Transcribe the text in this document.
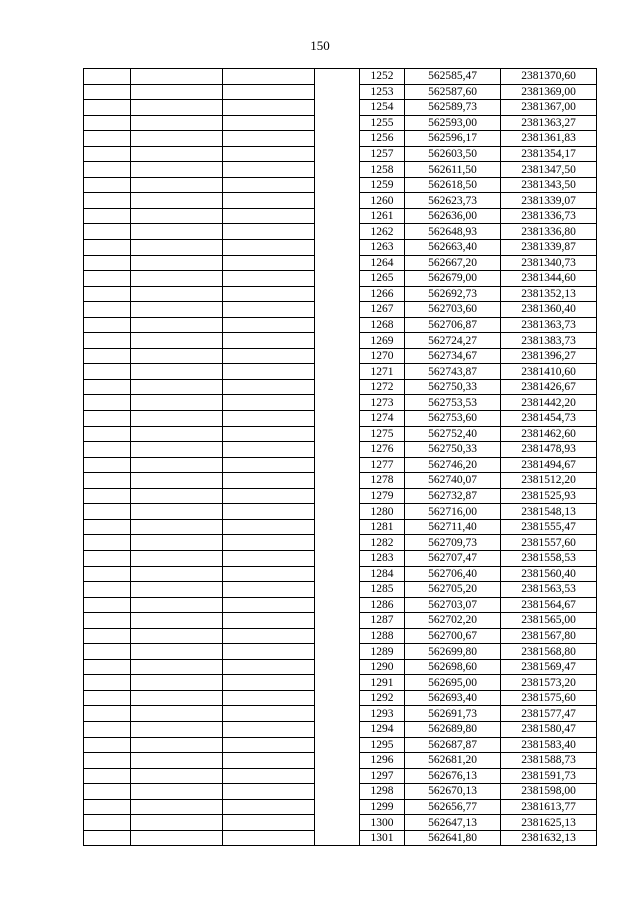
150
				1252	562585,47	2381370,60
				1253	562587,60	2381369,00
				1254	562589,73	2381367,00
				1255	562593,00	2381363,27
				1256	562596,17	2381361,83
				1257	562603,50	2381354,17
				1258	562611,50	2381347,50
				1259	562618,50	2381343,50
				1260	562623,73	2381339,07
				1261	562636,00	2381336,73
				1262	562648,93	2381336,80
				1263	562663,40	2381339,87
				1264	562667,20	2381340,73
				1265	562679,00	2381344,60
				1266	562692,73	2381352,13
				1267	562703,60	2381360,40
				1268	562706,87	2381363,73
				1269	562724,27	2381383,73
				1270	562734,67	2381396,27
				1271	562743,87	2381410,60
				1272	562750,33	2381426,67
				1273	562753,53	2381442,20
				1274	562753,60	2381454,73
				1275	562752,40	2381462,60
				1276	562750,33	2381478,93
				1277	562746,20	2381494,67
				1278	562740,07	2381512,20
				1279	562732,87	2381525,93
				1280	562716,00	2381548,13
				1281	562711,40	2381555,47
				1282	562709,73	2381557,60
				1283	562707,47	2381558,53
				1284	562706,40	2381560,40
				1285	562705,20	2381563,53
				1286	562703,07	2381564,67
				1287	562702,20	2381565,00
				1288	562700,67	2381567,80
				1289	562699,80	2381568,80
				1290	562698,60	2381569,47
				1291	562695,00	2381573,20
				1292	562693,40	2381575,60
				1293	562691,73	2381577,47
				1294	562689,80	2381580,47
				1295	562687,87	2381583,40
				1296	562681,20	2381588,73
				1297	562676,13	2381591,73
				1298	562670,13	2381598,00
				1299	562656,77	2381613,77
				1300	562647,13	2381625,13
				1301	562641,80	2381632,13
